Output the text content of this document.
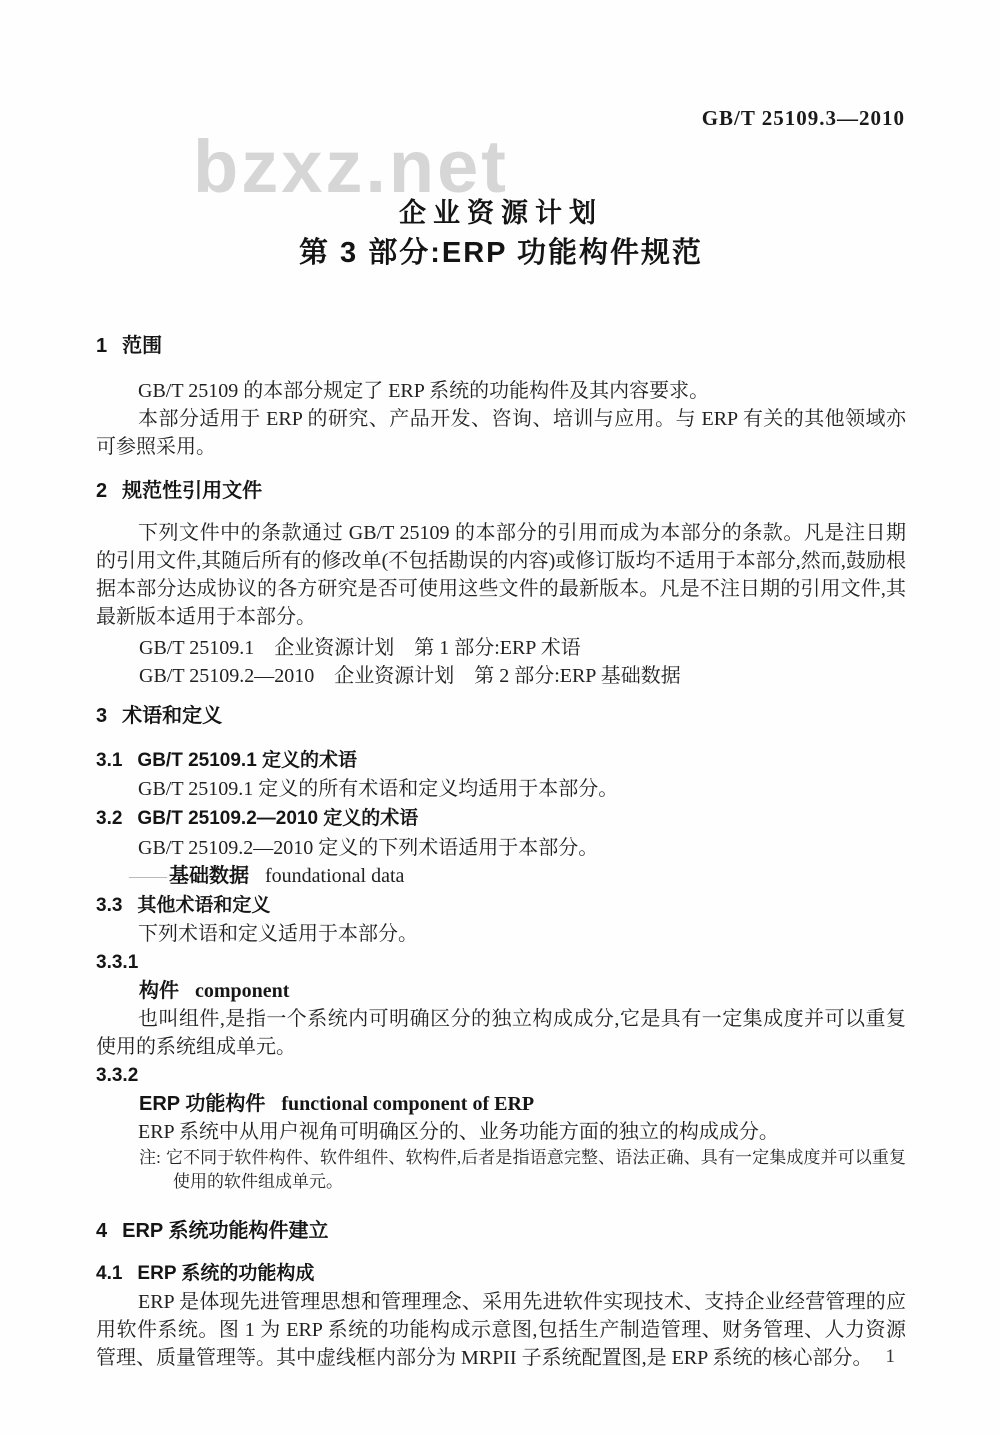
GB/T 25109.3—2010
bzxz.net
企业资源计划
第 3 部分:ERP 功能构件规范
1 范围
GB/T 25109 的本部分规定了 ERP 系统的功能构件及其内容要求。
本部分适用于 ERP 的研究、产品开发、咨询、培训与应用。与 ERP 有关的其他领域亦可参照采用。
2 规范性引用文件
下列文件中的条款通过 GB/T 25109 的本部分的引用而成为本部分的条款。凡是注日期的引用文件,其随后所有的修改单(不包括勘误的内容)或修订版均不适用于本部分,然而,鼓励根据本部分达成协议的各方研究是否可使用这些文件的最新版本。凡是不注日期的引用文件,其最新版本适用于本部分。
GB/T 25109.1　企业资源计划　第 1 部分:ERP 术语
GB/T 25109.2—2010　企业资源计划　第 2 部分:ERP 基础数据
3 术语和定义
3.1 GB/T 25109.1 定义的术语
GB/T 25109.1 定义的所有术语和定义均适用于本部分。
3.2 GB/T 25109.2—2010 定义的术语
GB/T 25109.2—2010 定义的下列术语适用于本部分。
—— 基础数据 foundational data
3.3 其他术语和定义
下列术语和定义适用于本部分。
3.3.1
构件 component
也叫组件,是指一个系统内可明确区分的独立构成成分,它是具有一定集成度并可以重复使用的系统组成单元。
3.3.2
ERP 功能构件 functional component of ERP
ERP 系统中从用户视角可明确区分的、业务功能方面的独立的构成成分。
注: 它不同于软件构件、软件组件、软构件,后者是指语意完整、语法正确、具有一定集成度并可以重复使用的软件组成单元。
4 ERP 系统功能构件建立
4.1 ERP 系统的功能构成
ERP 是体现先进管理思想和管理理念、采用先进软件实现技术、支持企业经营管理的应用软件系统。图 1 为 ERP 系统的功能构成示意图,包括生产制造管理、财务管理、人力资源管理、质量管理等。其中虚线框内部分为 MRPII 子系统配置图,是 ERP 系统的核心部分。 1
